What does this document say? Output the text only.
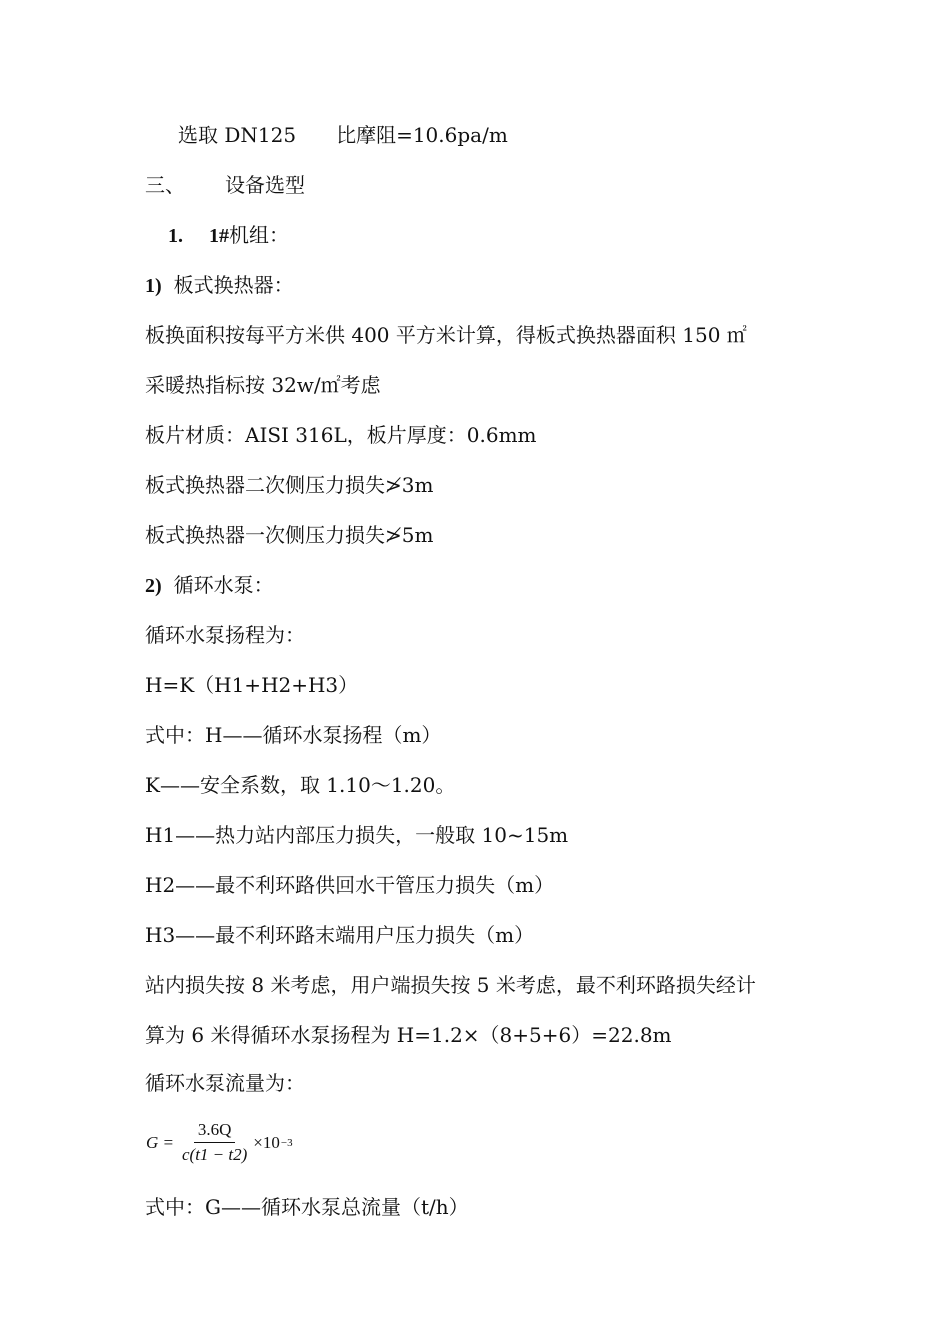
选取 DN125 比摩阻=10.6pa/m
三、 设备选型
1. 1#机组：
1) 板式换热器：
板换面积按每平方米供 400 平方米计算，得板式换热器面积 150 ㎡
采暖热指标按 32w/㎡考虑
板片材质：AISI 316L，板片厚度：0.6mm
板式换热器二次侧压力损失≯3m
板式换热器一次侧压力损失≯5m
2) 循环水泵：
循环水泵扬程为：
H=K（H1+H2+H3）
式中：H——循环水泵扬程（m）
K——安全系数，取 1.10～1.20。
H1——热力站内部压力损失，一般取 10~15m
H2——最不利环路供回水干管压力损失（m）
H3——最不利环路末端用户压力损失（m）
站内损失按 8 米考虑，用户端损失按 5 米考虑，最不利环路损失经计
算为 6 米得循环水泵扬程为 H=1.2×（8+5+6）=22.8m
循环水泵流量为：
$G = \frac{3.6Q}{c(t1 - t2)} \times 10 -3$
式中：G——循环水泵总流量（t/h）
